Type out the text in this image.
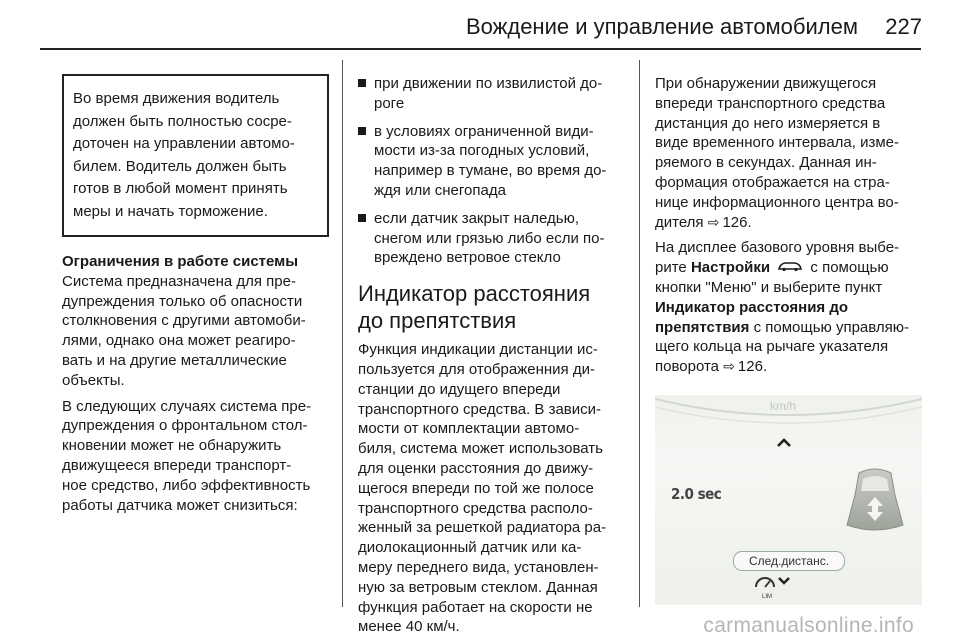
Вождение и управление автомобилем	227

Во время движения водитель
должен быть полностью сосре-
доточен на управлении автомо-
билем. Водитель должен быть
готов в любой момент принять
меры и начать торможение.

Ограничения в работе системы

Система предназначена для пре-
дупреждения только об опасности
столкновения с другими автомоби-
лями, однако она может реагиро-
вать и на другие металлические
объекты.

В следующих случаях система пре-
дупреждения о фронтальном стол-
кновении может не обнаружить
движущееся впереди транспорт-
ное средство, либо эффективность
работы датчика может снизиться:

при движении по извилистой до-
роге
в условиях ограниченной види-
мости из-за погодных условий,
например в тумане, во время до-
ждя или снегопада
если датчик закрыт наледью,
снегом или грязью либо если по-
вреждено ветровое стекло
Индикатор расстояния
до препятствия

Функция индикации дистанции ис-
пользуется для отображенния ди-
станции до идущего впереди
транспортного средства. В зависи-
мости от комплектации автомо-
биля, система может использовать
для оценки расстояния до движу-
щегося впереди по той же полосе
транспортного средства располо-
женный за решеткой радиатора ра-
диолокационный датчик или ка-
меру переднего вида, установлен-
ную за ветровым стеклом. Данная
функция работает на скорости не
менее 40 км/ч.

При обнаружении движущегося
впереди транспортного средства
дистанция до него измеряется в
виде временного интервала, изме-
ряемого в секундах. Данная ин-
формация отображается на стра-
нице информационного центра во-
дителя ⇨ 126.

На дисплее базового уровня выбе-
рите Настройки	с помощью
кнопки "Меню" и выберите пункт
Индикатор расстояния до
препятствия с помощью управляю-
щего кольца на рычаге указателя
поворота ⇨ 126.

km/h
2.0 sec
След.дистанс.
LIM
carmanualsonline.info
